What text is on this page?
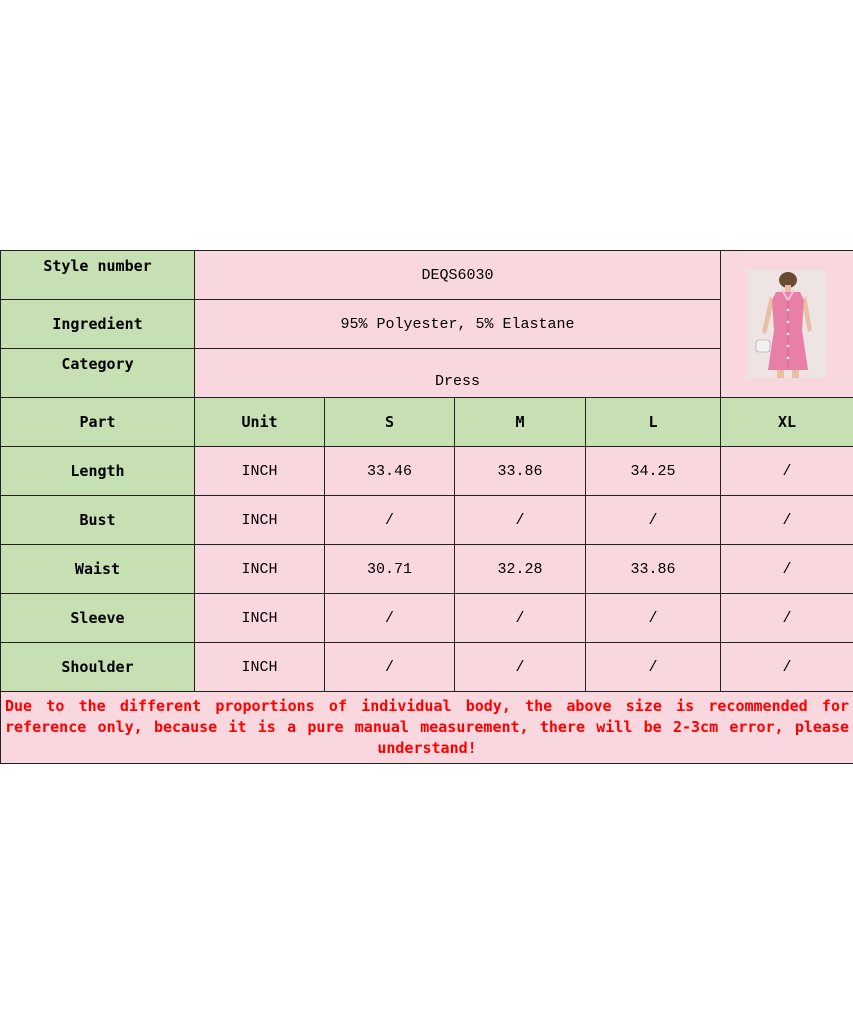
Style number	DEQS6030	

Ingredient	95% Polyester, 5% Elastane				
Category	Dress				
Part	Unit	S	M	L	XL
Length	INCH	33.46	33.86	34.25	/
Bust	INCH	/	/	/	/
Waist	INCH	30.71	32.28	33.86	/
Sleeve	INCH	/	/	/	/
Shoulder	INCH	/	/	/	/
Due to the different proportions of individual body, the above size is recommended for reference only, because it is a pure manual measurement, there will be 2-3cm error, please understand!					
